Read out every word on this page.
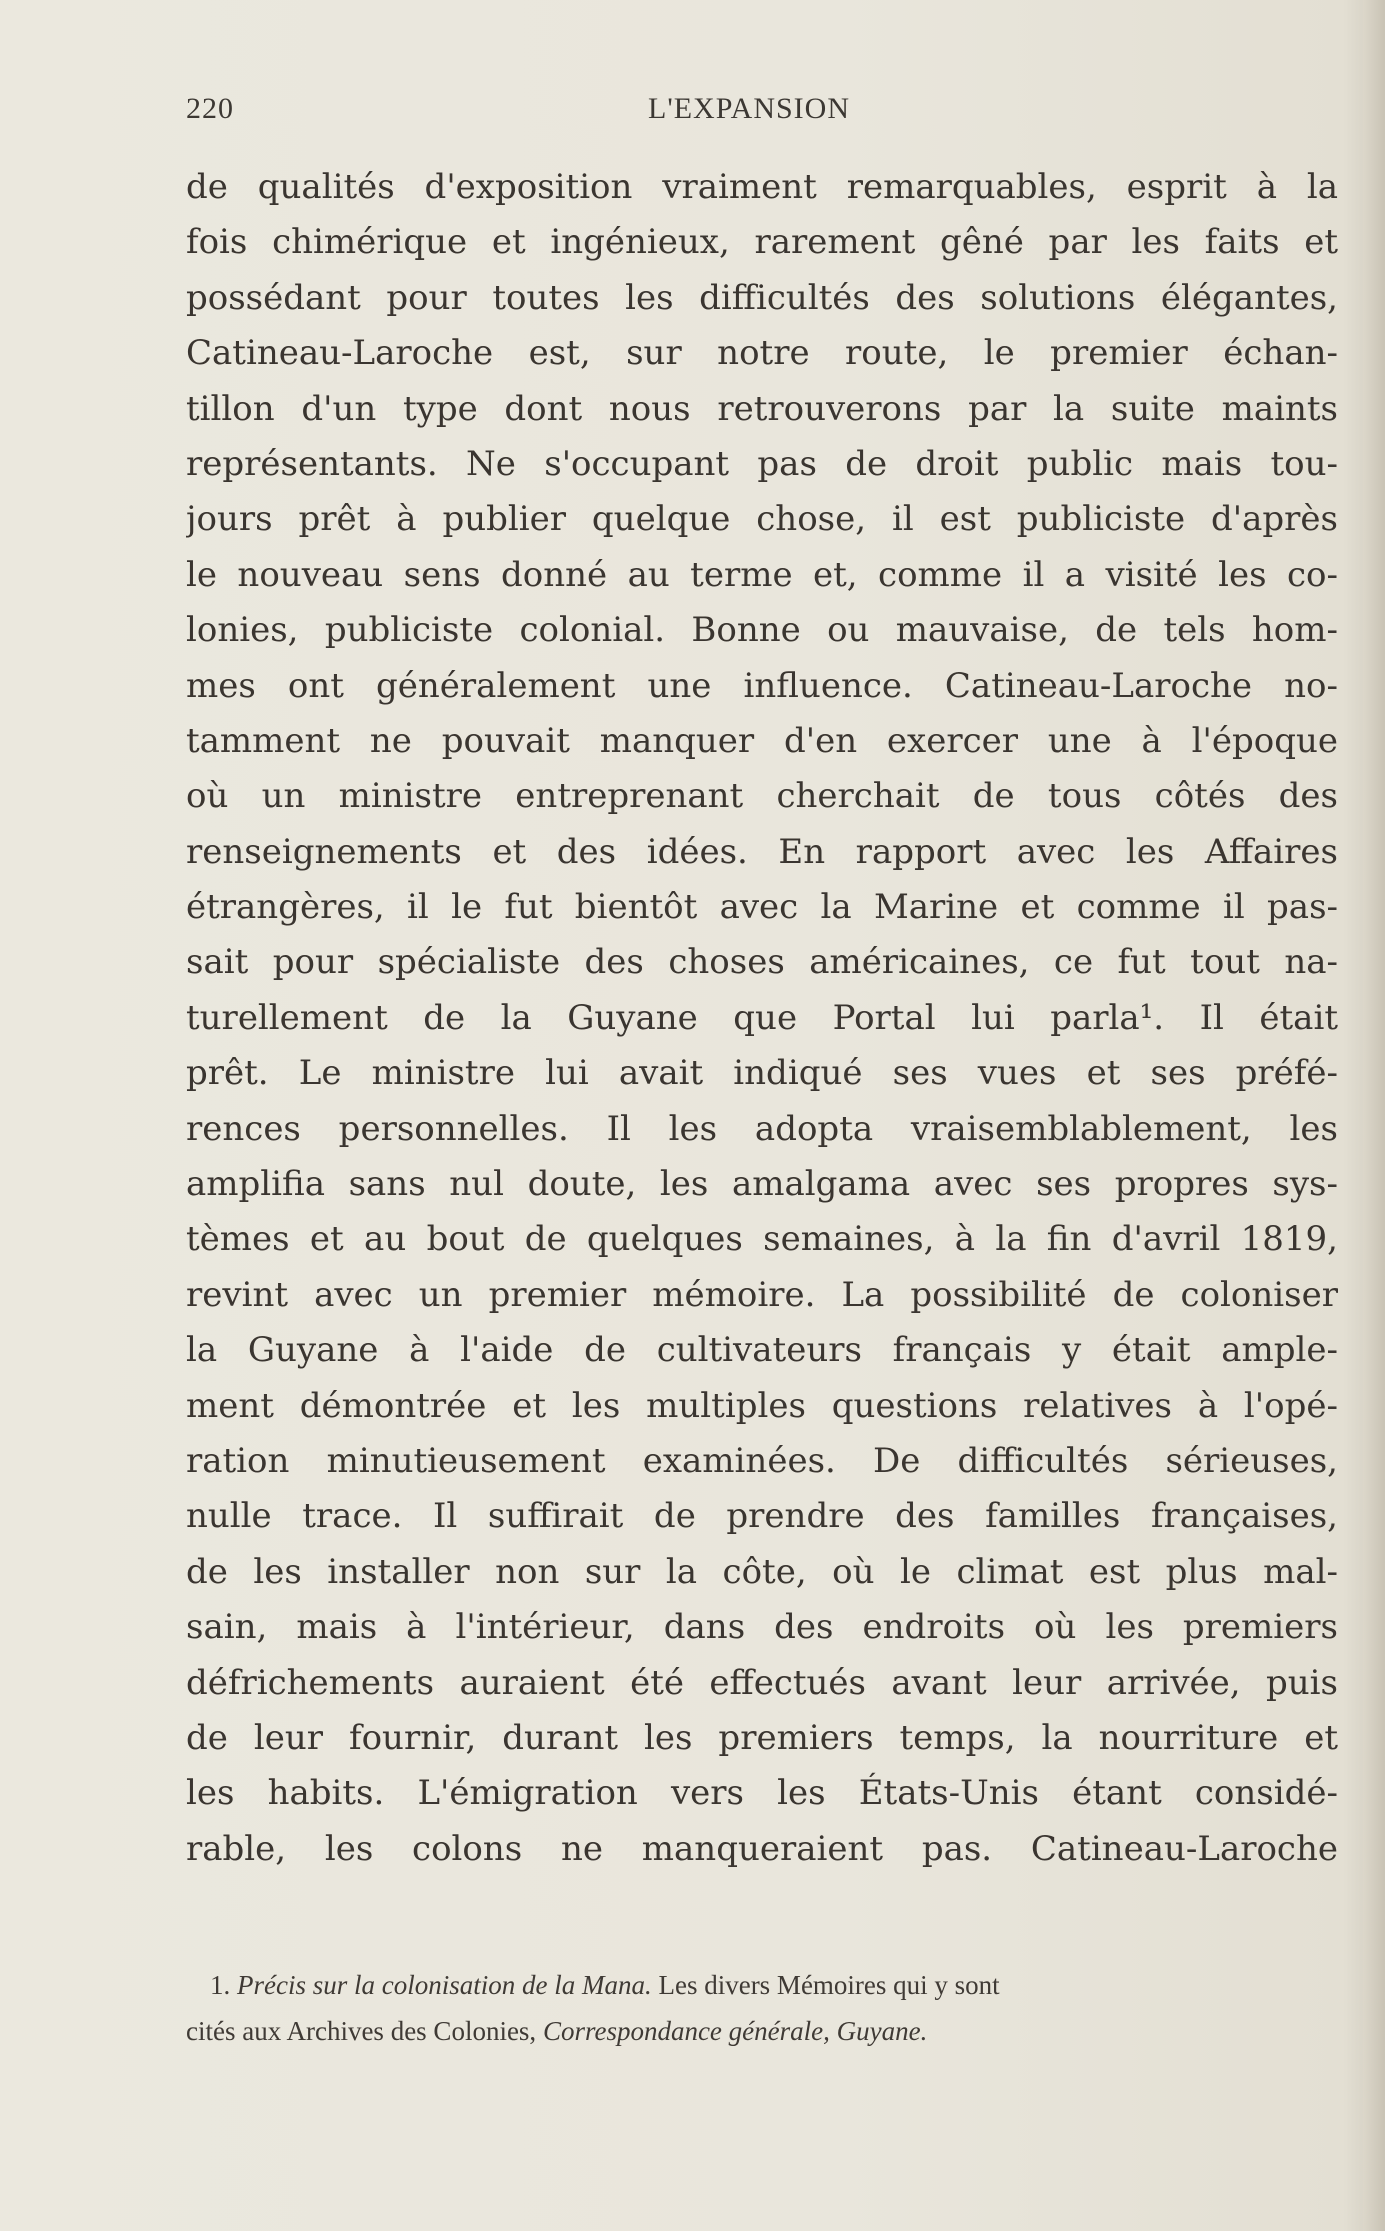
220	L'EXPANSION
de qualités d'exposition vraiment remarquables, esprit à la
fois chimérique et ingénieux, rarement gêné par les faits et
possédant pour toutes les difficultés des solutions élégantes,
Catineau-Laroche est, sur notre route, le premier échan-
tillon d'un type dont nous retrouverons par la suite maints
représentants. Ne s'occupant pas de droit public mais tou-
jours prêt à publier quelque chose, il est publiciste d'après
le nouveau sens donné au terme et, comme il a visité les co-
lonies, publiciste colonial. Bonne ou mauvaise, de tels hom-
mes ont généralement une influence. Catineau-Laroche no-
tamment ne pouvait manquer d'en exercer une à l'époque
où un ministre entreprenant cherchait de tous côtés des
renseignements et des idées. En rapport avec les Affaires
étrangères, il le fut bientôt avec la Marine et comme il pas-
sait pour spécialiste des choses américaines, ce fut tout na-
turellement de la Guyane que Portal lui parla¹. Il était
prêt. Le ministre lui avait indiqué ses vues et ses préfé-
rences personnelles. Il les adopta vraisemblablement, les
amplifia sans nul doute, les amalgama avec ses propres sys-
tèmes et au bout de quelques semaines, à la fin d'avril 1819,
revint avec un premier mémoire. La possibilité de coloniser
la Guyane à l'aide de cultivateurs français y était ample-
ment démontrée et les multiples questions relatives à l'opé-
ration minutieusement examinées. De difficultés sérieuses,
nulle trace. Il suffirait de prendre des familles françaises,
de les installer non sur la côte, où le climat est plus mal-
sain, mais à l'intérieur, dans des endroits où les premiers
défrichements auraient été effectués avant leur arrivée, puis
de leur fournir, durant les premiers temps, la nourriture et
les habits. L'émigration vers les États-Unis étant considé-
rable, les colons ne manqueraient pas. Catineau-Laroche
1. Précis sur la colonisation de la Mana. Les divers Mémoires qui y sont
cités aux Archives des Colonies, Correspondance générale, Guyane.
